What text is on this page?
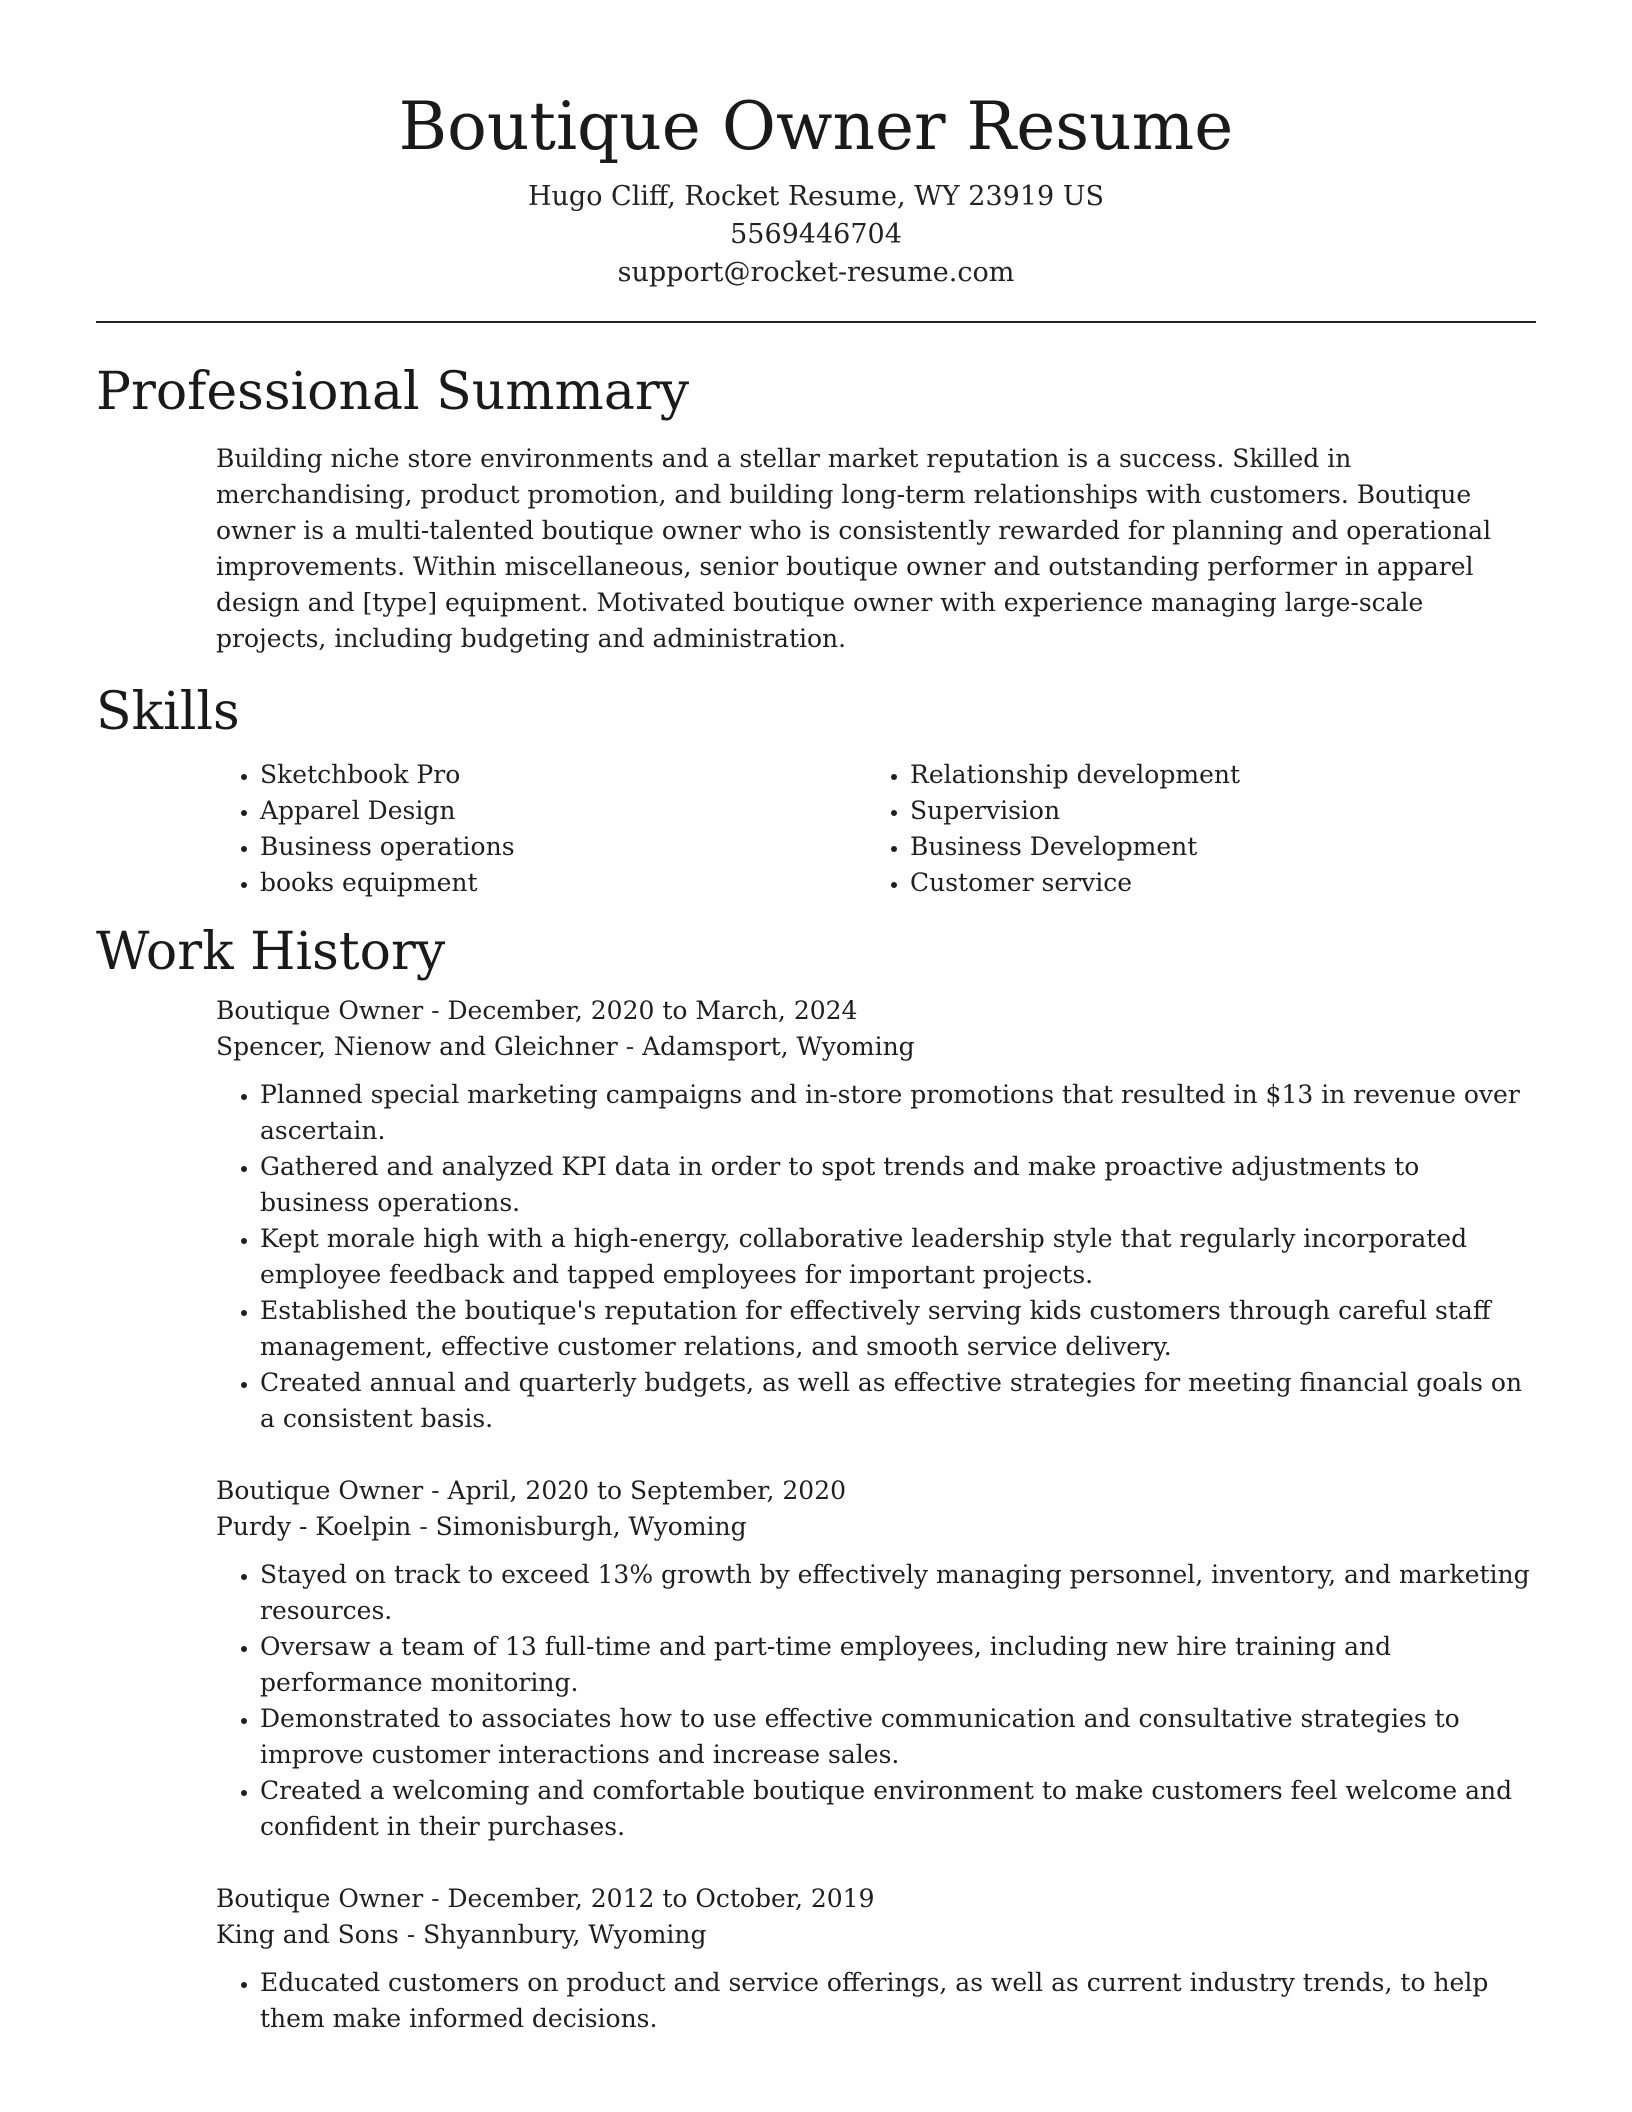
Boutique Owner Resume
Hugo Cliff, Rocket Resume, WY 23919 US
5569446704
support@rocket-resume.com
Professional Summary
Building niche store environments and a stellar market reputation is a success. Skilled in merchandising, product promotion, and building long-term relationships with customers. Boutique owner is a multi-talented boutique owner who is consistently rewarded for planning and operational improvements. Within miscellaneous, senior boutique owner and outstanding performer in apparel design and [type] equipment. Motivated boutique owner with experience managing large-scale projects, including budgeting and administration.
Skills
• Sketchbook Pro
• Apparel Design
• Business operations
• books equipment
• Relationship development
• Supervision
• Business Development
• Customer service
Work History
Boutique Owner - December, 2020 to March, 2024
Spencer, Nienow and Gleichner - Adamsport, Wyoming
• Planned special marketing campaigns and in-store promotions that resulted in $13 in revenue over ascertain.
• Gathered and analyzed KPI data in order to spot trends and make proactive adjustments to business operations.
• Kept morale high with a high-energy, collaborative leadership style that regularly incorporated employee feedback and tapped employees for important projects.
• Established the boutique's reputation for effectively serving kids customers through careful staff management, effective customer relations, and smooth service delivery.
• Created annual and quarterly budgets, as well as effective strategies for meeting financial goals on a consistent basis.
Boutique Owner - April, 2020 to September, 2020
Purdy - Koelpin - Simonisburgh, Wyoming
• Stayed on track to exceed 13% growth by effectively managing personnel, inventory, and marketing resources.
• Oversaw a team of 13 full-time and part-time employees, including new hire training and performance monitoring.
• Demonstrated to associates how to use effective communication and consultative strategies to improve customer interactions and increase sales.
• Created a welcoming and comfortable boutique environment to make customers feel welcome and confident in their purchases.
Boutique Owner - December, 2012 to October, 2019
King and Sons - Shyannbury, Wyoming
• Educated customers on product and service offerings, as well as current industry trends, to help them make informed decisions.
